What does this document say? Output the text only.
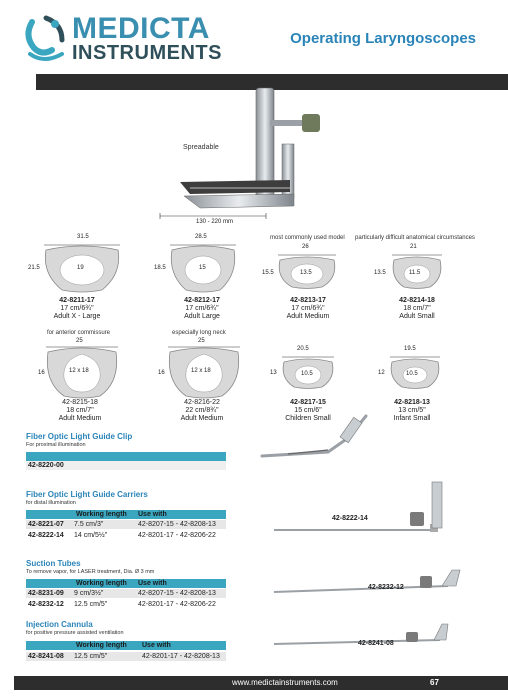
MEDICTA
INSTRUMENTS
Operating Laryngoscopes
Spreadable
130 - 220 mm
most commonly used model particularly difficult anatomical circumstances
31.5
21.5	19
42-8211-17
17 cm/6¾"
Adult X - Large
28.5
18.5	15
42-8212-17
17 cm/6¾"
Adult Large
26
15.5	13.5
42-8213-17
17 cm/6¾"
Adult Medium
21
13.5	11.5
42-8214-18
18 cm/7"
Adult Small
for anterior commissure	especially long neck
25
16	12 x 18
42-8215-18
18 cm/7"
Adult Medium
25
16	12 x 18
42-8216-22
22 cm/8¾"
Adult Medium
20.5
13	10.5
42-8217-15
15 cm/6"
Children Small
19.5
12	10.5
42-8218-13
13 cm/5"
Infant Small
Fiber Optic Light Guide Clip
For proximal illumination
42-8220-00
Fiber Optic Light Guide Carriers
for distal illumination
Working length Use with
42-8221-07 7.5 cm/3"	42-8207-15 - 42-8208-13
42-8222-14 14 cm/5½"	42-8201-17 - 42-8206-22
42-8222-14
Suction Tubes
To remove vapor, for LASER treatment, Dia. Ø 3 mm
Working length Use with
42-8231-09 9 cm/3½"	42-8207-15 - 42-8208-13
42-8232-12 12.5 cm/5"	42-8201-17 - 42-8206-22
42-8232-12
Injection Cannula
for positive pressure assisted ventilation
Working length Use with
42-8241-08 12.5 cm/5"	42-8201-17 - 42-8208-13
42-8241-08
www.medictainstruments.com	67
